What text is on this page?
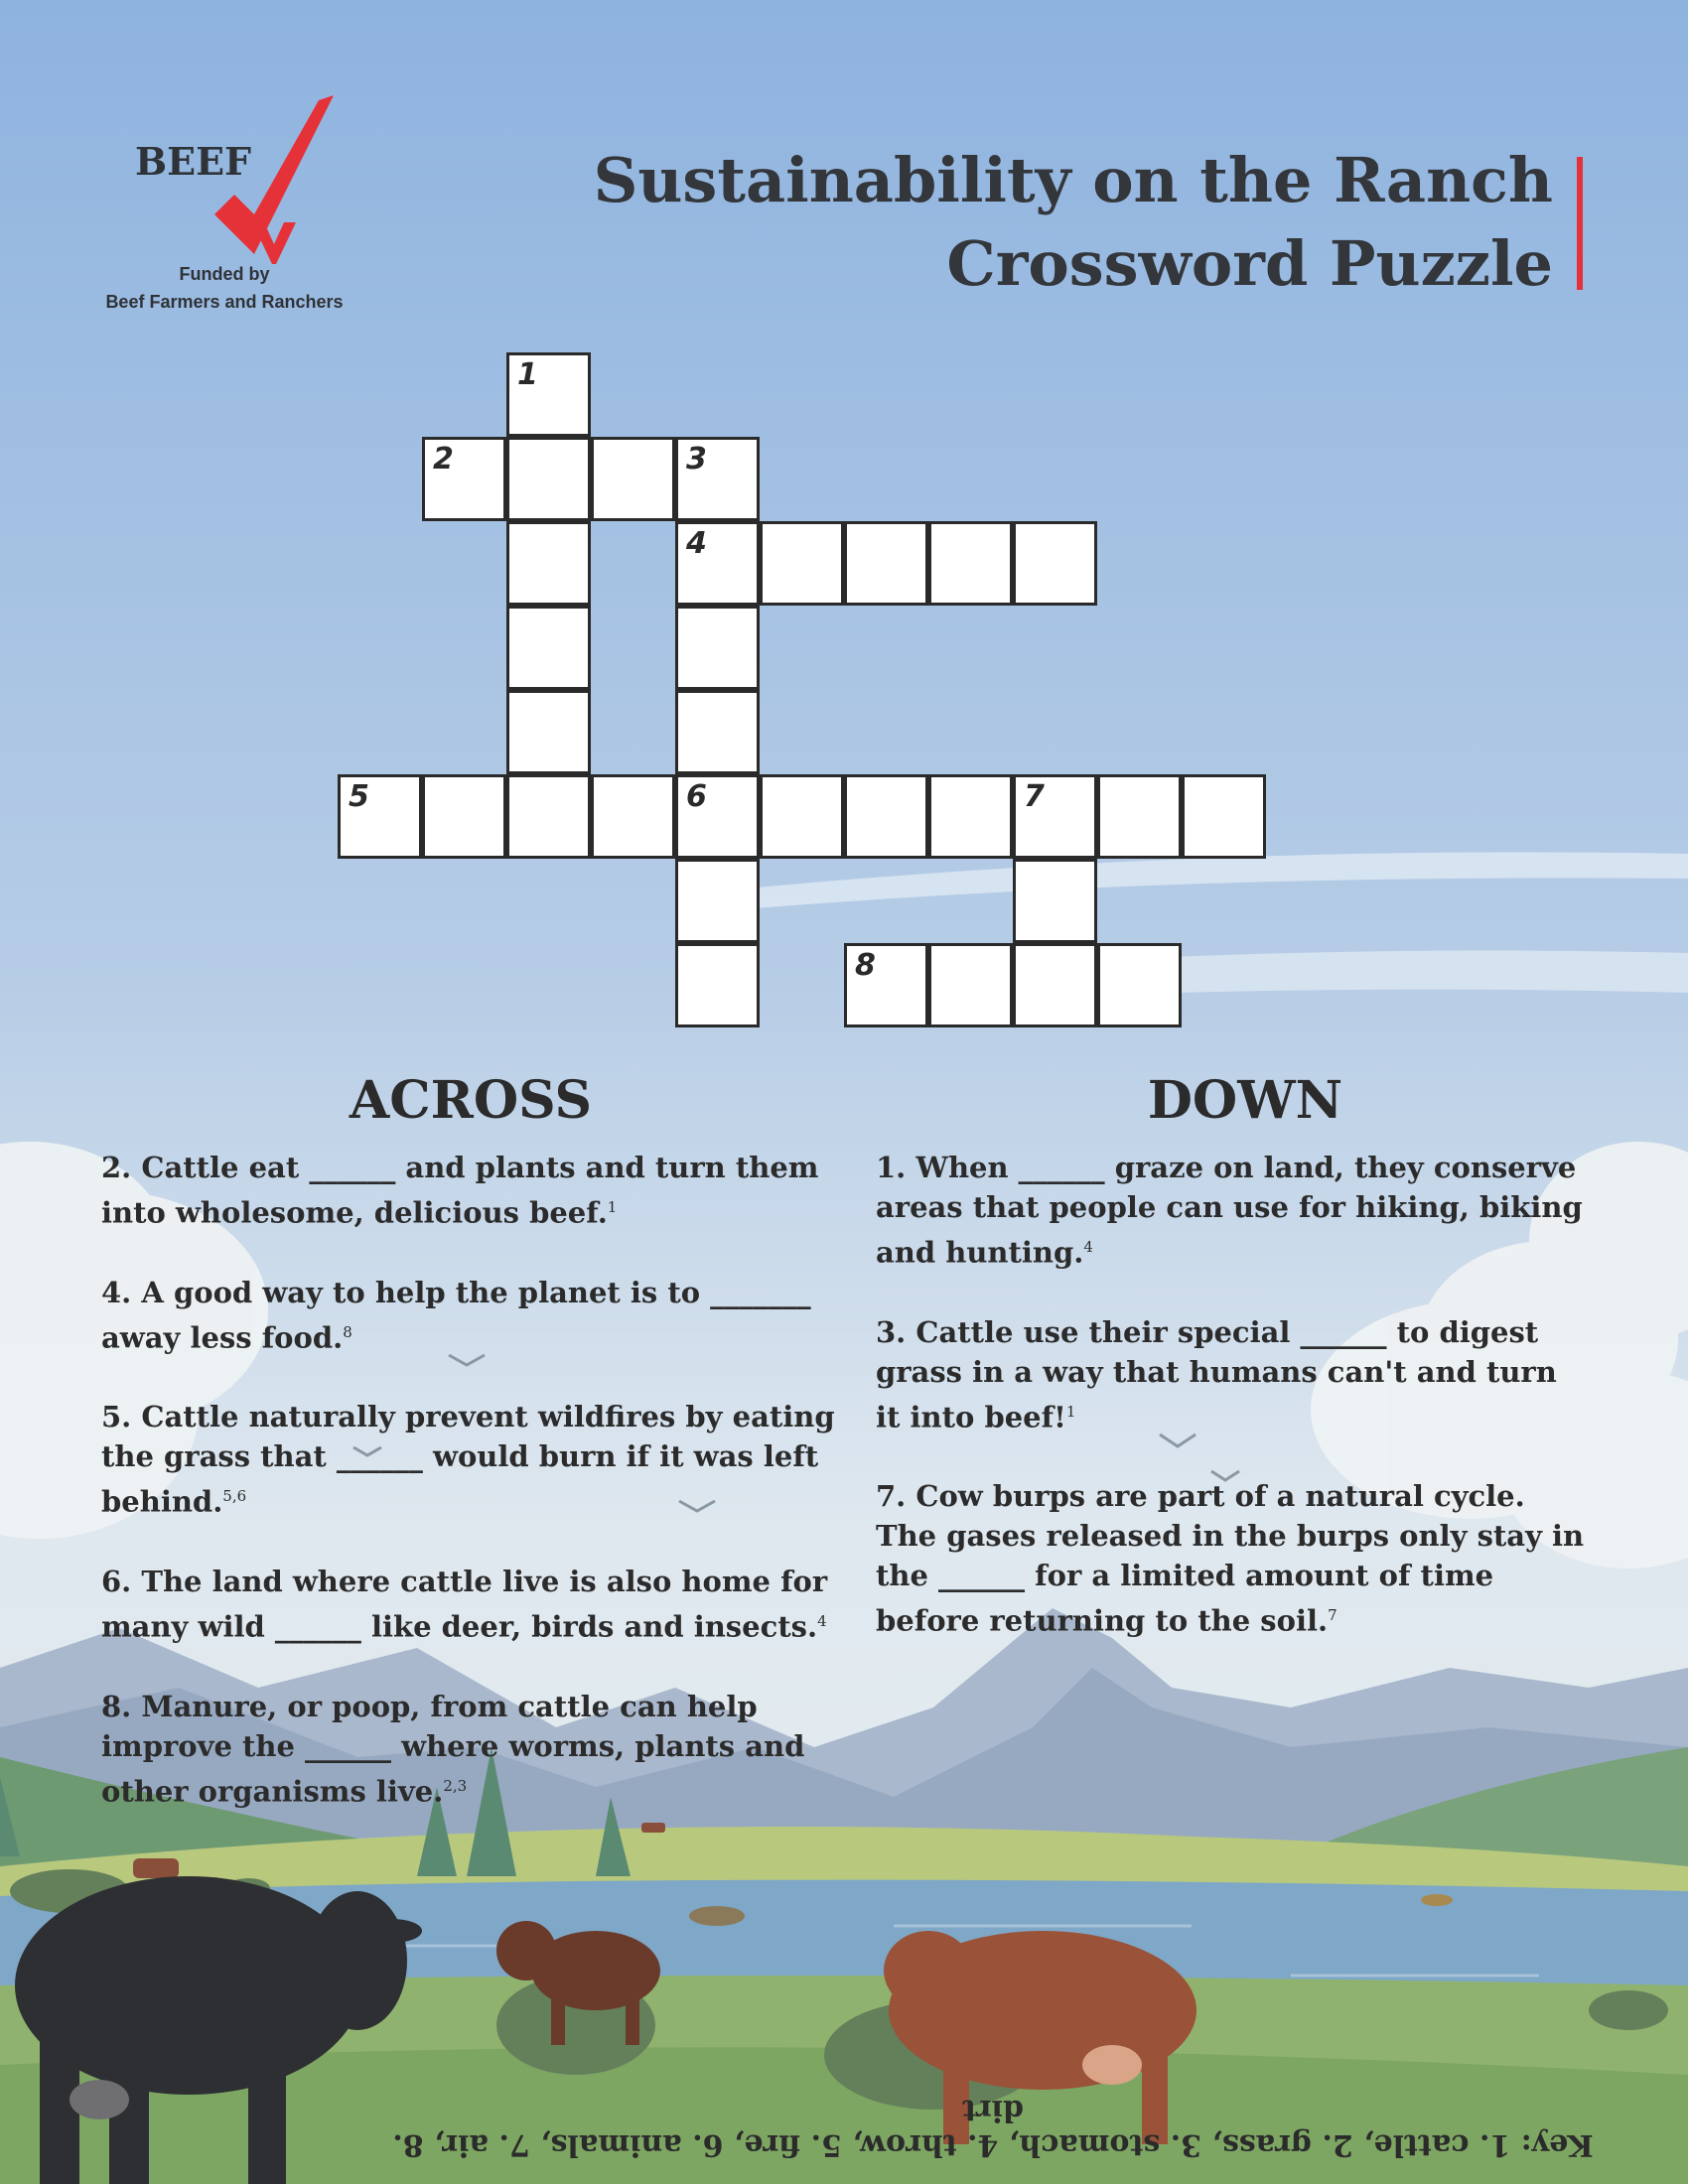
BEEF
Funded by
Beef Farmers and Ranchers
Sustainability on the Ranch
Crossword Puzzle
1
2	3
4
5	6	7
8
ACROSS	DOWN

2. Cattle eat ______ and plants and turn them into wholesome, delicious beef.$^1$

4. A good way to help the planet is to _______ away less food.$^8$

5. Cattle naturally prevent wildfires by eating the grass that ______ would burn if it was left behind.$^{5,6}$

6. The land where cattle live is also home for many wild ______ like deer, birds and insects.$^4$

8. Manure, or poop, from cattle can help improve the ______ where worms, plants and other organisms live.$^{2,3}$

1. When ______ graze on land, they conserve areas that people can use for hiking, biking and hunting.$^4$

3. Cattle use their special ______ to digest grass in a way that humans can't and turn it into beef!$^1$

7. Cow burps are part of a natural cycle. The gases released in the burps only stay in the ______ for a limited amount of time before returning to the soil.$^7$

Key: 1. cattle, 2. grass, 3. stomach, 4. throw, 5. fire, 6. animals, 7. air, 8. dirt
